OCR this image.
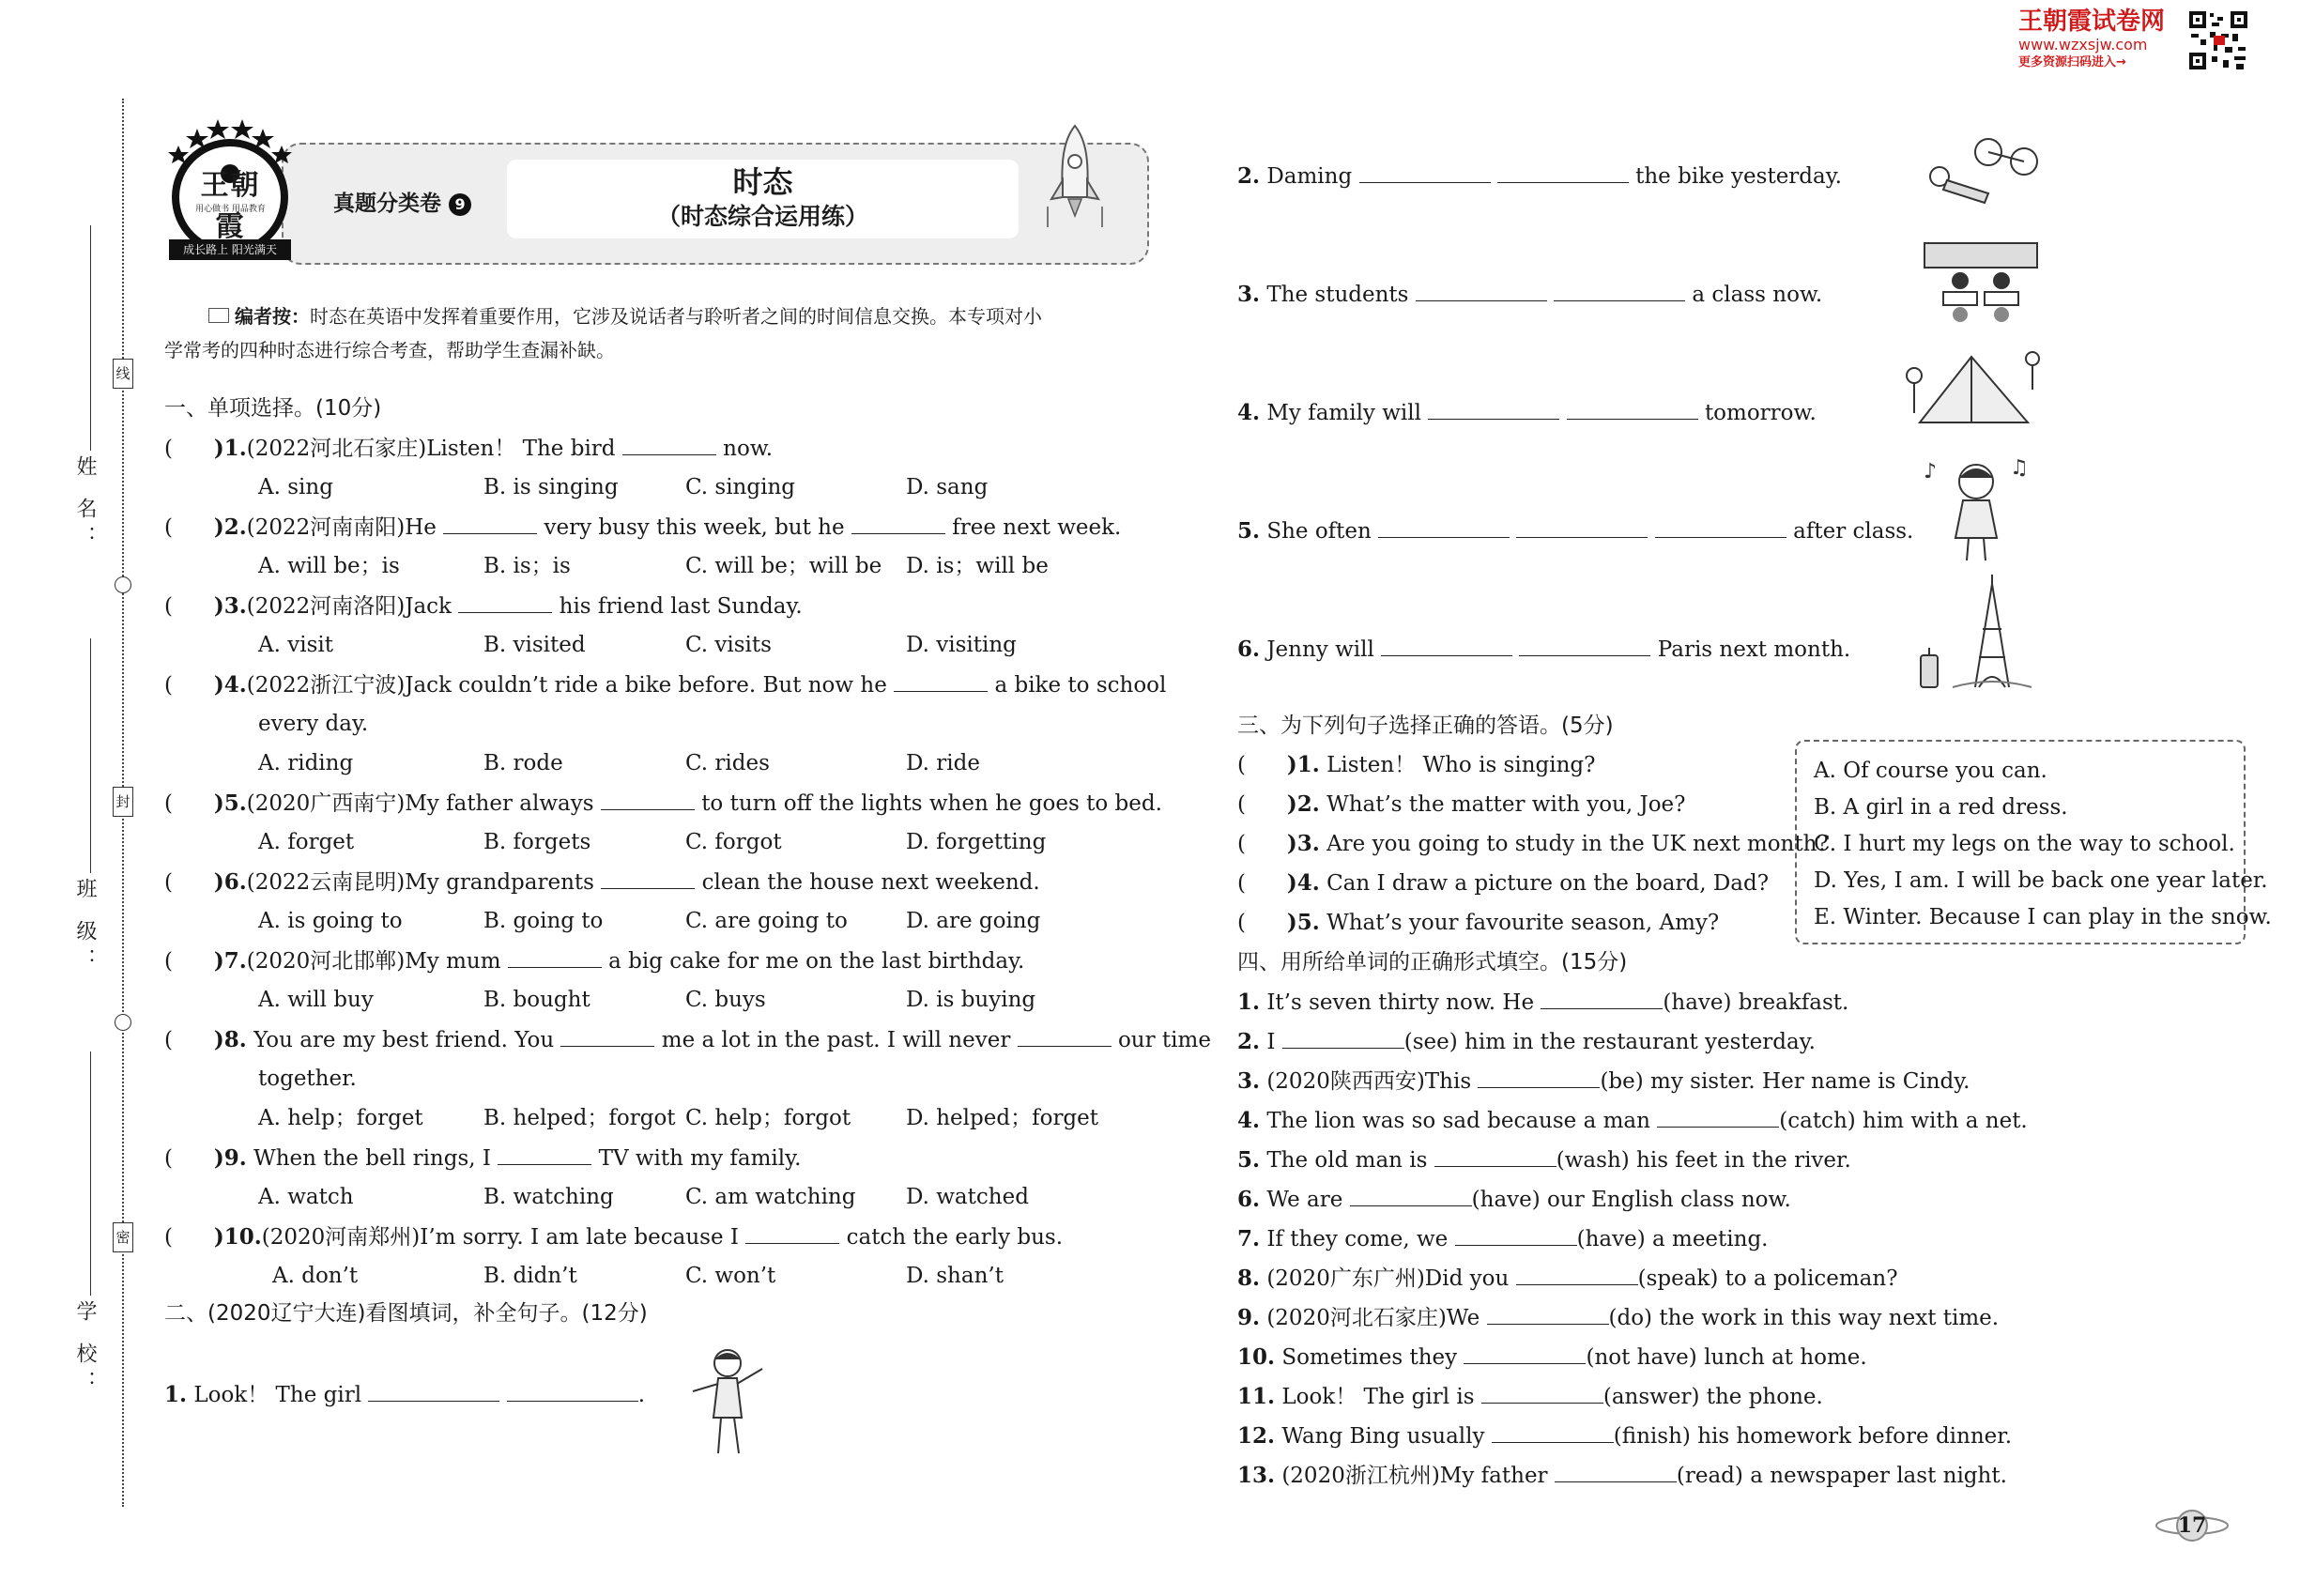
王朝霞试卷网
www.wzxsjw.com
更多资源扫码进入→
线
封
密
姓 名：
班 级：
学 校：
王朝霞
用心做书 用品教育
成长路上 阳光满天
真题分类卷 9
时态
（时态综合运用练）
编者按：时态在英语中发挥着重要作用，它涉及说话者与聆听者之间的时间信息交换。本专项对小
学常考的四种时态进行综合考查，帮助学生查漏补缺。
一、单项选择。(10分)
(      )1.(2022河北石家庄)Listen！ The bird	now.
A. sing	B. is singing	C. singing	D. sang
(      )2.(2022河南南阳)He	very busy this week, but he	free next week.
A. will be；is	B. is；is	C. will be；will be D. is；will be
(      )3.(2022河南洛阳)Jack	his friend last Sunday.
A. visit	B. visited	C. visits	D. visiting
(      )4.(2022浙江宁波)Jack couldn’t ride a bike before. But now he	a bike to school
every day.
A. riding	B. rode	C. rides	D. ride
(      )5.(2020广西南宁)My father always	to turn off the lights when he goes to bed.
A. forget	B. forgets	C. forgot	D. forgetting
(      )6.(2022云南昆明)My grandparents	clean the house next weekend.
A. is going to	B. going to	C. are going to	D. are going
(      )7.(2020河北邯郸)My mum	a big cake for me on the last birthday.
A. will buy	B. bought	C. buys	D. is buying
(      )8. You are my best friend. You	me a lot in the past. I will never	our time
together.
A. help；forget	B. helped；forgot C. help；forgot	D. helped；forget
(      )9. When the bell rings, I	TV with my family.
A. watch	B. watching	C. am watching D. watched
(      )10.(2020河南郑州)I’m sorry. I am late because I	catch the early bus.
A. don’t	B. didn’t	C. won’t	D. shan’t
二、(2020辽宁大连)看图填词，补全句子。(12分)
1. Look！ The girl	.
2. Daming	the bike yesterday.
3. The students	a class now.
4. My family will	tomorrow.
5. She often	after class.
♪	♫
6. Jenny will	Paris next month.
三、为下列句子选择正确的答语。(5分)
(      )1. Listen！ Who is singing?
(      )2. What’s the matter with you, Joe?
(      )3. Are you going to study in the UK next month?
(      )4. Can I draw a picture on the board, Dad?
(      )5. What’s your favourite season, Amy?
A. Of course you can.
B. A girl in a red dress.
C. I hurt my legs on the way to school.
D. Yes, I am. I will be back one year later.
E. Winter. Because I can play in the snow.
四、用所给单词的正确形式填空。(15分)
1. It’s seven thirty now. He	(have) breakfast.
2. I	(see) him in the restaurant yesterday.
3. (2020陕西西安)This	(be) my sister. Her name is Cindy.
4. The lion was so sad because a man	(catch) him with a net.
5. The old man is	(wash) his feet in the river.
6. We are	(have) our English class now.
7. If they come, we	(have) a meeting.
8. (2020广东广州)Did you	(speak) to a policeman?
9. (2020河北石家庄)We	(do) the work in this way next time.
10. Sometimes they	(not have) lunch at home.
11. Look！ The girl is	(answer) the phone.
12. Wang Bing usually	(finish) his homework before dinner.
13. (2020浙江杭州)My father	(read) a newspaper last night.
17
